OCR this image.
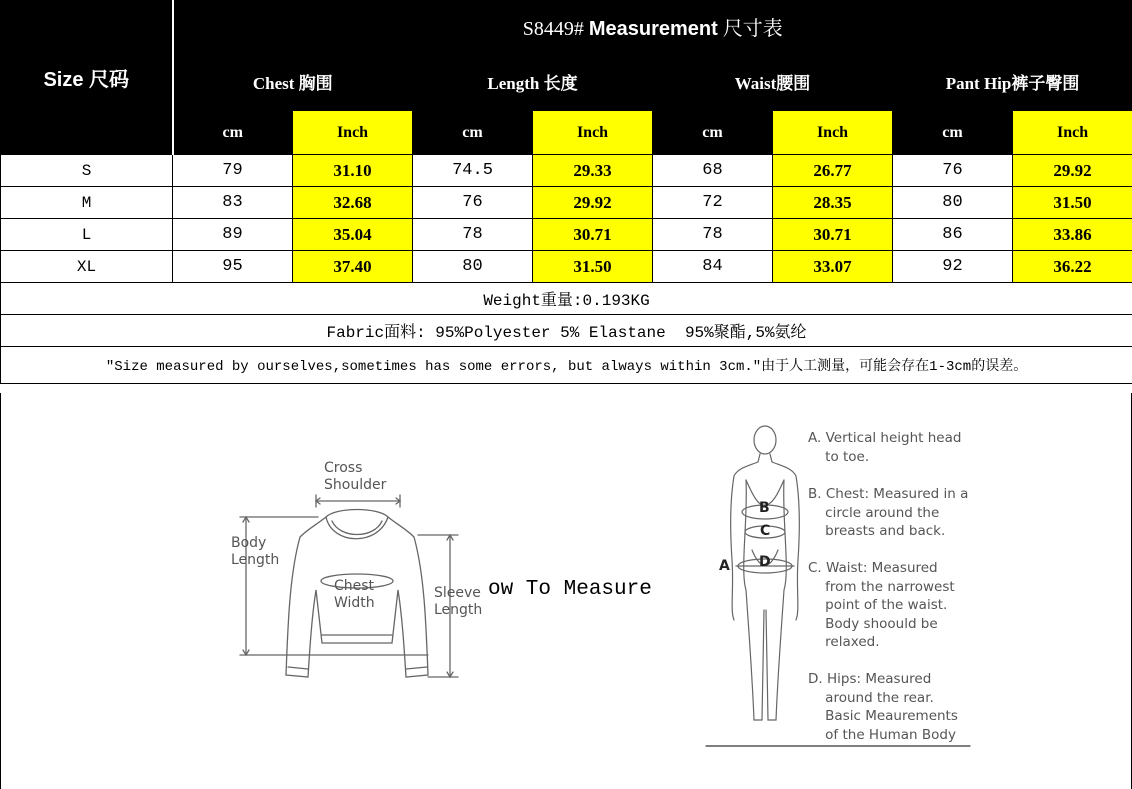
Size 尺码	S8449# Measurement 尺寸表							
	Chest 胸围		Length 长度		Waist腰围		Pant Hip裤子臀围	
	cm	Inch	cm	Inch	cm	Inch	cm	Inch
S	79	31.10	74.5	29.33	68	26.77	76	29.92
M	83	32.68	76	29.92	72	28.35	80	31.50
L	89	35.04	78	30.71	78	30.71	86	33.86
XL	95	37.40	80	31.50	84	33.07	92	36.22
Weight重量:0.193KG								
Fabric面料: 95%Polyester 5% Elastane  95%聚酯,5%氨纶								
"Size measured by ourselves,sometimes has some errors, but always within 3cm."由于人工测量，可能会存在1-3cm的误差。								
Cross
Shoulder
Body
Length
Chest
Width
Sleeve
Length
ow To Measure
A
B
C
D
A. Vertical height head
to toe.
B. Chest: Measured in a
circle around the
breasts and back.
C. Waist: Measured
from the narrowest
point of the waist.
Body shoould be
relaxed.
D. Hips: Measured
around the rear.
Basic Meaurements
of the Human Body
